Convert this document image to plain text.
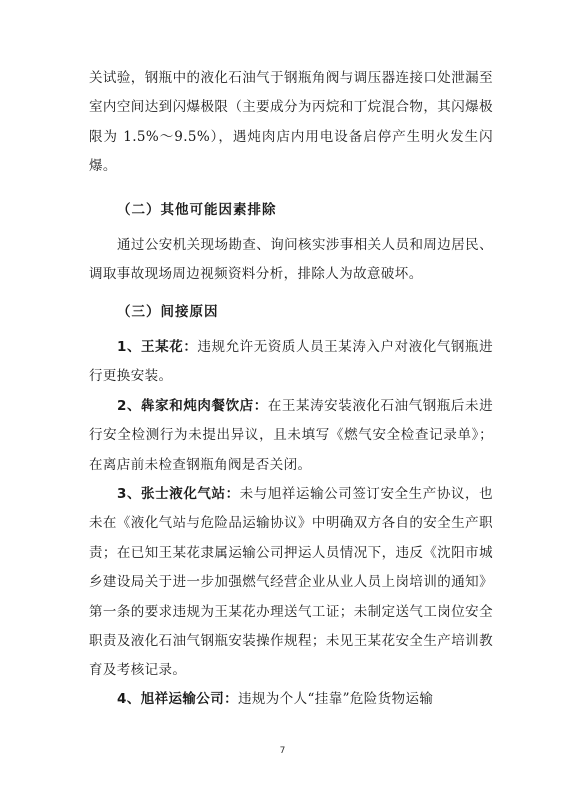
关试验，钢瓶中的液化石油气于钢瓶角阀与调压器连接口处泄漏至室内空间达到闪爆极限（主要成分为丙烷和丁烷混合物，其闪爆极限为 1.5%～9.5%），遇炖肉店内用电设备启停产生明火发生闪爆。

（二）其他可能因素排除

通过公安机关现场勘查、询问核实涉事相关人员和周边居民、调取事故现场周边视频资料分析，排除人为故意破坏。

（三）间接原因

1、王某花：违规允许无资质人员王某涛入户对液化气钢瓶进行更换安装。

2、犇家和炖肉餐饮店：在王某涛安装液化石油气钢瓶后未进行安全检测行为未提出异议，且未填写《燃气安全检查记录单》；在离店前未检查钢瓶角阀是否关闭。

3、张士液化气站：未与旭祥运输公司签订安全生产协议，也未在《液化气站与危险品运输协议》中明确双方各自的安全生产职责；在已知王某花隶属运输公司押运人员情况下，违反《沈阳市城乡建设局关于进一步加强燃气经营企业从业人员上岗培训的通知》第一条的要求违规为王某花办理送气工证；未制定送气工岗位安全职责及液化石油气钢瓶安装操作规程；未见王某花安全生产培训教育及考核记录。

4、旭祥运输公司：违规为个人“挂靠”危险货物运输

7
